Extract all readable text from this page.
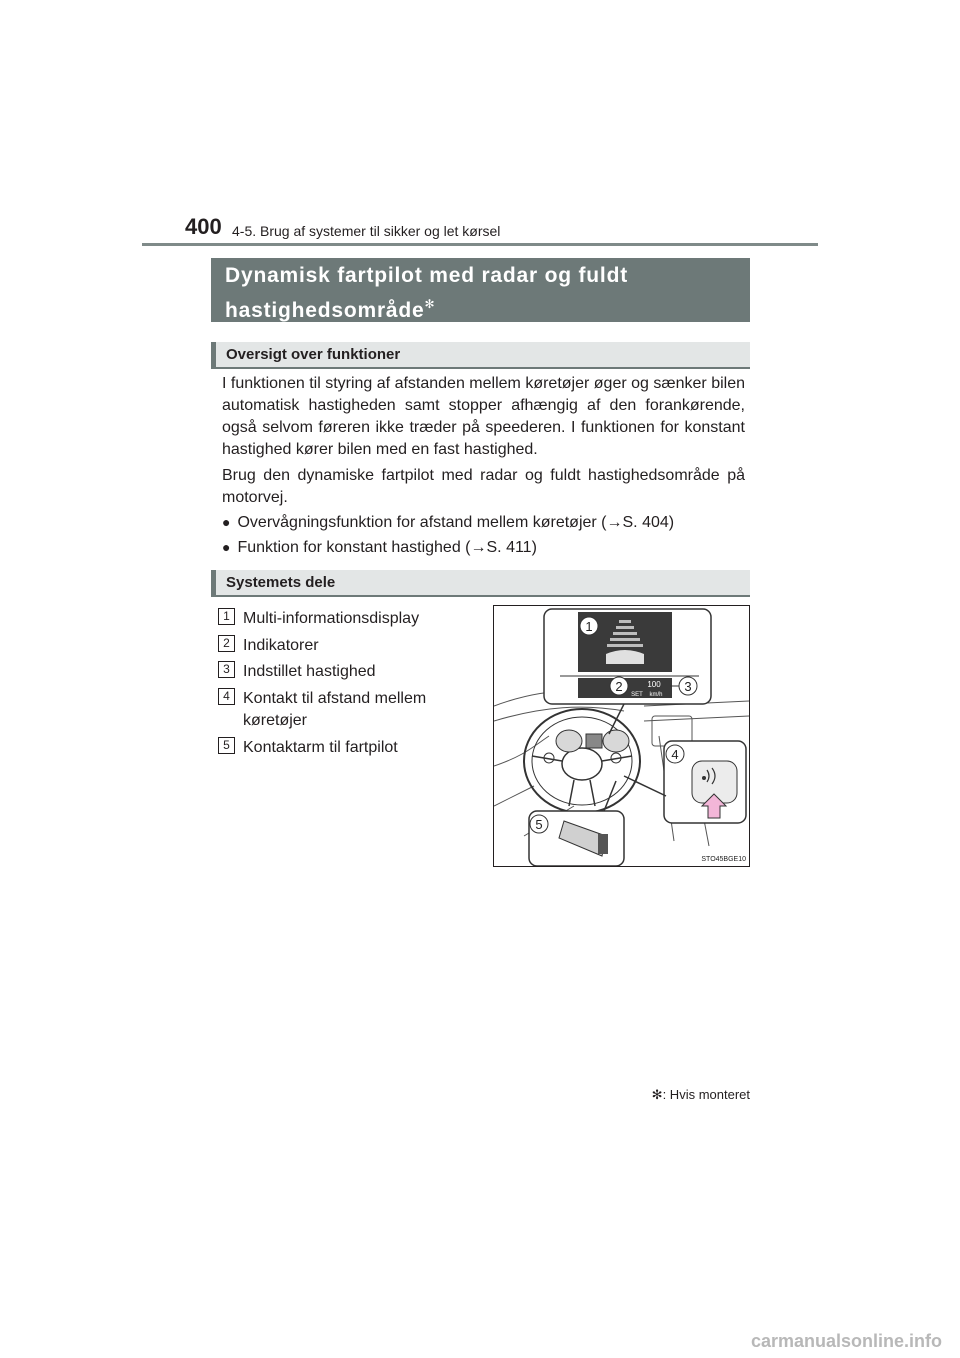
400 4-5. Brug af systemer til sikker og let kørsel
Dynamisk fartpilot med radar og fuldt
hastighedsområde✻
Oversigt over funktioner
I funktionen til styring af afstanden mellem køretøjer øger og sænker bilen automatisk hastigheden samt stopper afhængig af den forankørende, også selvom føreren ikke træder på speederen. I funktionen for konstant hastighed kører bilen med en fast hastighed.
Brug den dynamiske fartpilot med radar og fuldt hastighedsområde på motorvej.
● Overvågningsfunktion for afstand mellem køretøjer (→S. 404)
● Funktion for konstant hastighed (→S. 411)
Systemets dele
1 Multi-informationsdisplay
2 Indikatorer
3 Indstillet hastighed
4 Kontakt til afstand mellem køretøjer
5 Kontaktarm til fartpilot
100
SET km/h
1
2	3
4
5
STO45BGE10
✻: Hvis monteret
carmanualsonline.info
